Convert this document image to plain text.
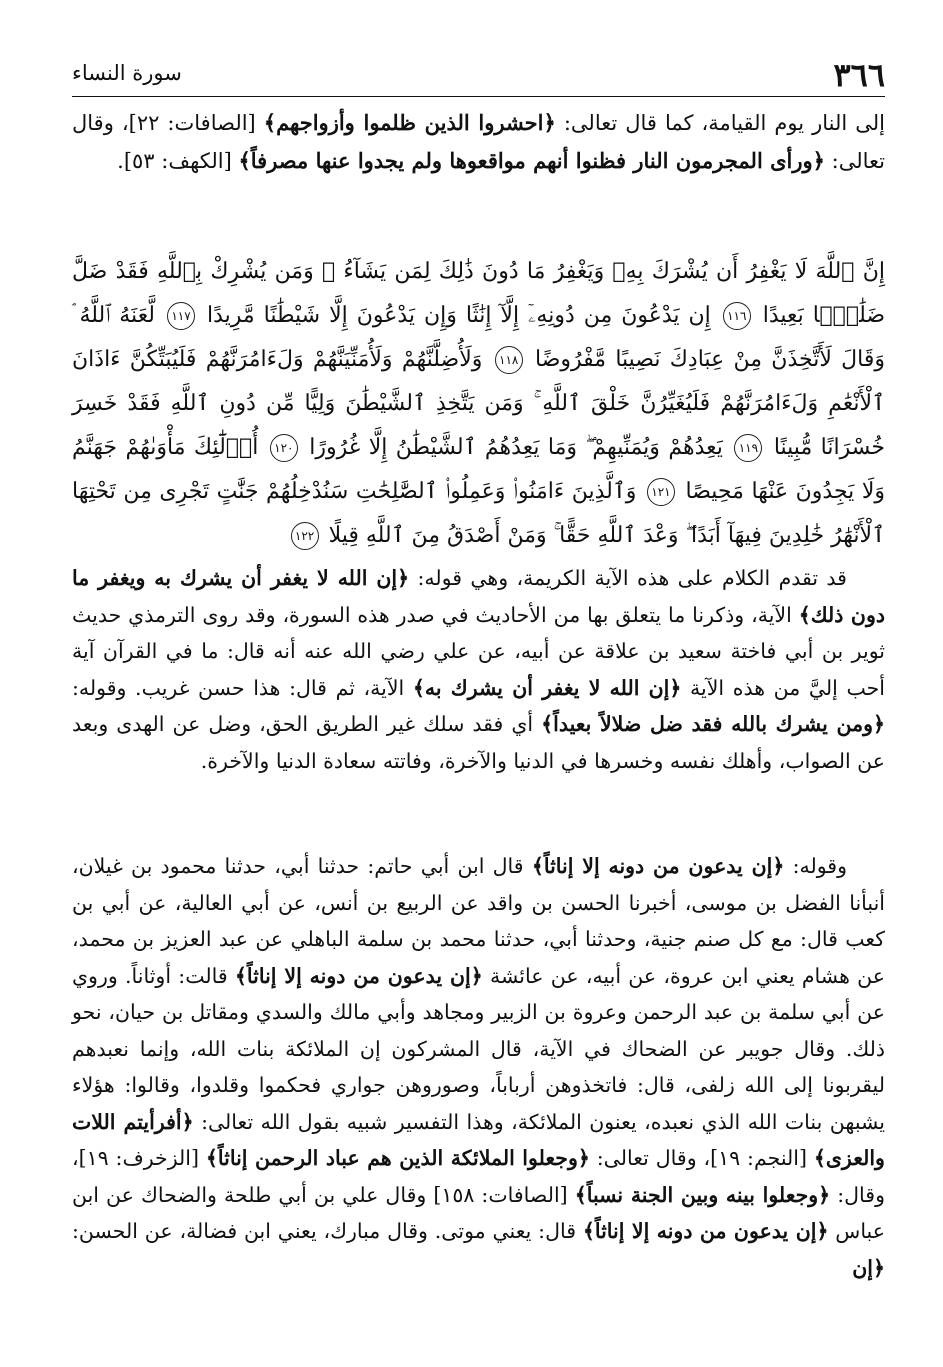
٣٦٦
سورة النساء
إلى النار يوم القيامة، كما قال تعالى: ﴿احشروا الذين ظلموا وأزواجهم﴾ [الصافات: ٢٢]، وقال تعالى: ﴿ورأى المجرمون النار فظنوا أنهم مواقعوها ولم يجدوا عنها مصرفاً﴾ [الكهف: ٥٣].
إِنَّ ٱللَّهَ لَا يَغْفِرُ أَن يُشْرَكَ بِهِۦ وَيَغْفِرُ مَا دُونَ ذَٰلِكَ لِمَن يَشَآءُ ۚ وَمَن يُشْرِكْ بِٱللَّهِ فَقَدْ ضَلَّ ضَلَٰلًۢا بَعِيدًا ١١٦ إِن يَدْعُونَ مِن دُونِهِۦٓ إِلَّآ إِنَٰثًا وَإِن يَدْعُونَ إِلَّا شَيْطَٰنًا مَّرِيدًا ١١٧ لَّعَنَهُ ٱللَّهُ ۘ وَقَالَ لَأَتَّخِذَنَّ مِنْ عِبَادِكَ نَصِيبًا مَّفْرُوضًا ١١٨ وَلَأُضِلَّنَّهُمْ وَلَأُمَنِّيَنَّهُمْ وَلَءَامُرَنَّهُمْ فَلَيُبَتِّكُنَّ ءَاذَانَ ٱلْأَنْعَٰمِ وَلَءَامُرَنَّهُمْ فَلَيُغَيِّرُنَّ خَلْقَ ٱللَّهِ ۚ وَمَن يَتَّخِذِ ٱلشَّيْطَٰنَ وَلِيًّا مِّن دُونِ ٱللَّهِ فَقَدْ خَسِرَ خُسْرَانًا مُّبِينًا ١١٩ يَعِدُهُمْ وَيُمَنِّيهِمْ ۖ وَمَا يَعِدُهُمُ ٱلشَّيْطَٰنُ إِلَّا غُرُورًا ١٢٠ أُو۟لَٰٓئِكَ مَأْوَىٰهُمْ جَهَنَّمُ وَلَا يَجِدُونَ عَنْهَا مَحِيصًا ١٢١ وَٱلَّذِينَ ءَامَنُوا۟ وَعَمِلُوا۟ ٱلصَّٰلِحَٰتِ سَنُدْخِلُهُمْ جَنَّٰتٍ تَجْرِى مِن تَحْتِهَا ٱلْأَنْهَٰرُ خَٰلِدِينَ فِيهَآ أَبَدًا ۖ وَعْدَ ٱللَّهِ حَقًّا ۚ وَمَنْ أَصْدَقُ مِنَ ٱللَّهِ قِيلًا ١٢٢

قد تقدم الكلام على هذه الآية الكريمة، وهي قوله: ﴿إن الله لا يغفر أن يشرك به ويغفر ما دون ذلك﴾ الآية، وذكرنا ما يتعلق بها من الأحاديث في صدر هذه السورة، وقد روى الترمذي حديث ثوير بن أبي فاختة سعيد بن علاقة عن أبيه، عن علي رضي الله عنه أنه قال: ما في القرآن آية أحب إليَّ من هذه الآية ﴿إن الله لا يغفر أن يشرك به﴾ الآية، ثم قال: هذا حسن غريب. وقوله: ﴿ومن يشرك بالله فقد ضل ضلالاً بعيداً﴾ أي فقد سلك غير الطريق الحق، وضل عن الهدى وبعد عن الصواب، وأهلك نفسه وخسرها في الدنيا والآخرة، وفاتته سعادة الدنيا والآخرة.

وقوله: ﴿إن يدعون من دونه إلا إناثاً﴾ قال ابن أبي حاتم: حدثنا أبي، حدثنا محمود بن غيلان، أنبأنا الفضل بن موسى، أخبرنا الحسن بن واقد عن الربيع بن أنس، عن أبي العالية، عن أبي بن كعب قال: مع كل صنم جنية، وحدثنا أبي، حدثنا محمد بن سلمة الباهلي عن عبد العزيز بن محمد، عن هشام يعني ابن عروة، عن أبيه، عن عائشة ﴿إن يدعون من دونه إلا إناثاً﴾ قالت: أوثاناً. وروي عن أبي سلمة بن عبد الرحمن وعروة بن الزبير ومجاهد وأبي مالك والسدي ومقاتل بن حيان، نحو ذلك. وقال جويبر عن الضحاك في الآية، قال المشركون إن الملائكة بنات الله، وإنما نعبدهم ليقربونا إلى الله زلفى، قال: فاتخذوهن أرباباً، وصوروهن جواري فحكموا وقلدوا، وقالوا: هؤلاء يشبهن بنات الله الذي نعبده، يعنون الملائكة، وهذا التفسير شبيه بقول الله تعالى: ﴿أفرأيتم اللات والعزى﴾ [النجم: ١٩]، وقال تعالى: ﴿وجعلوا الملائكة الذين هم عباد الرحمن إناثاً﴾ [الزخرف: ١٩]، وقال: ﴿وجعلوا بينه وبين الجنة نسباً﴾ [الصافات: ١٥٨] وقال علي بن أبي طلحة والضحاك عن ابن عباس ﴿إن يدعون من دونه إلا إناثاً﴾ قال: يعني موتى. وقال مبارك، يعني ابن فضالة، عن الحسن: ﴿إن
